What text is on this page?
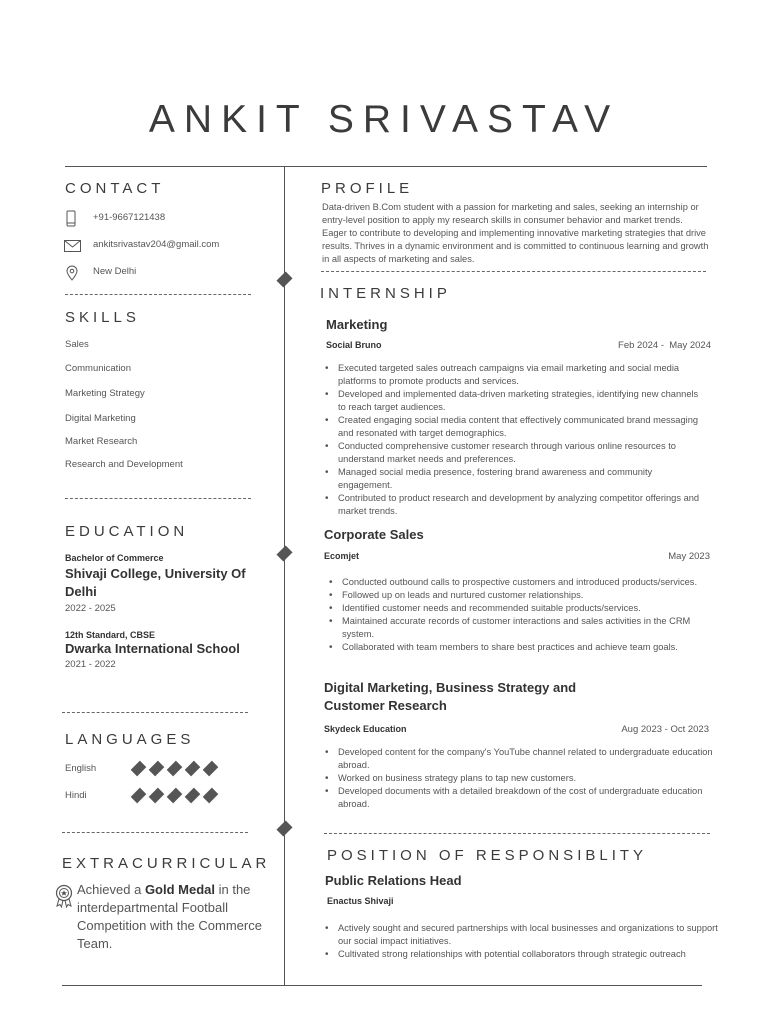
ANKIT SRIVASTAV
CONTACT
+91-9667121438
ankitsrivastav204@gmail.com
New Delhi
SKILLS
Sales
Communication
Marketing Strategy
Digital Marketing
Market Research
Research and Development
EDUCATION
Bachelor of Commerce
Shivaji College, University Of Delhi
2022 - 2025
12th Standard, CBSE
Dwarka International School
2021 - 2022
LANGUAGES
English
Hindi
EXTRACURRICULAR
Achieved a Gold Medal in the interdepartmental Football Competition with the Commerce Team.
PROFILE
Data-driven B.Com student with a passion for marketing and sales, seeking an internship or entry-level position to apply my research skills in consumer behavior and market trends. Eager to contribute to developing and implementing innovative marketing strategies that drive results. Thrives in a dynamic environment and is committed to continuous learning and growth in all aspects of marketing and sales.
INTERNSHIP
Marketing
Social Bruno	Feb 2024 -  May 2024
• Executed targeted sales outreach campaigns via email marketing and social media platforms to promote products and services.
• Developed and implemented data-driven marketing strategies, identifying new channels to reach target audiences.
• Created engaging social media content that effectively communicated brand messaging and resonated with target demographics.
• Conducted comprehensive customer research through various online resources to understand market needs and preferences.
• Managed social media presence, fostering brand awareness and community engagement.
• Contributed to product research and development by analyzing competitor offerings and market trends.
Corporate Sales
Ecomjet	May 2023
• Conducted outbound calls to prospective customers and introduced products/services.
• Followed up on leads and nurtured customer relationships.
• Identified customer needs and recommended suitable products/services.
• Maintained accurate records of customer interactions and sales activities in the CRM system.
• Collaborated with team members to share best practices and achieve team goals.
Digital Marketing, Business Strategy and Customer Research
Skydeck Education	Aug 2023 - Oct 2023
• Developed content for the company's YouTube channel related to undergraduate education abroad.
• Worked on business strategy plans to tap new customers.
• Developed documents with a detailed breakdown of the cost of undergraduate education abroad.
POSITION OF RESPONSIBLITY
Public Relations Head
Enactus Shivaji
• Actively sought and secured partnerships with local businesses and organizations to support our social impact initiatives.
• Cultivated strong relationships with potential collaborators through strategic outreach
